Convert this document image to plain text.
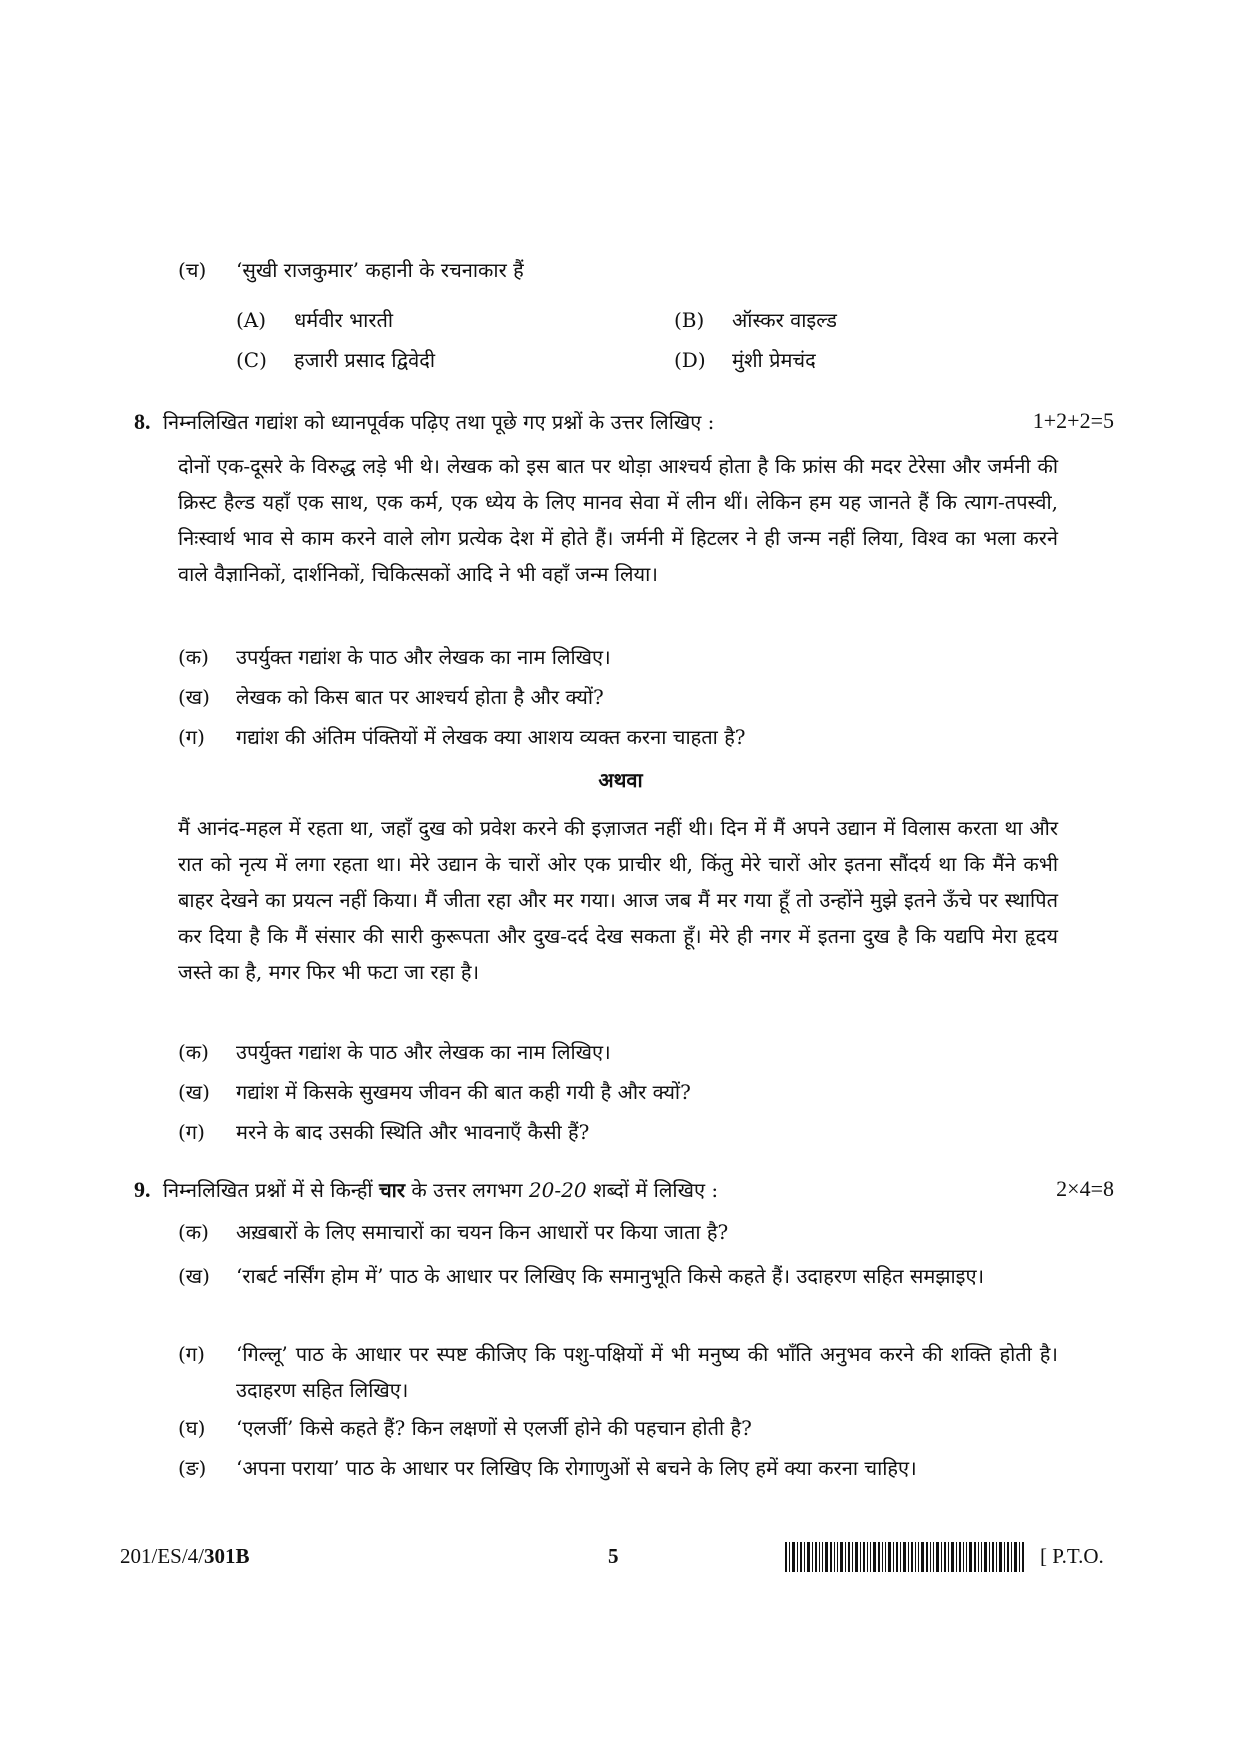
(च) ‘सुखी राजकुमार’ कहानी के रचनाकार हैं
(A) धर्मवीर भारती	(B) ऑस्कर वाइल्ड
(C) हजारी प्रसाद द्विवेदी	(D) मुंशी प्रेमचंद
8. निम्नलिखित गद्यांश को ध्यानपूर्वक पढ़िए तथा पूछे गए प्रश्नों के उत्तर लिखिए :	1+2+2=5
दोनों एक-दूसरे के विरुद्ध लड़े भी थे। लेखक को इस बात पर थोड़ा आश्चर्य होता है कि फ्रांस की मदर टेरेसा और जर्मनी की क्रिस्ट हैल्ड यहाँ एक साथ, एक कर्म, एक ध्येय के लिए मानव सेवा में लीन थीं। लेकिन हम यह जानते हैं कि त्याग-तपस्वी, निःस्वार्थ भाव से काम करने वाले लोग प्रत्येक देश में होते हैं। जर्मनी में हिटलर ने ही जन्म नहीं लिया, विश्व का भला करने वाले वैज्ञानिकों, दार्शनिकों, चिकित्सकों आदि ने भी वहाँ जन्म लिया।
(क) उपर्युक्त गद्यांश के पाठ और लेखक का नाम लिखिए।
(ख) लेखक को किस बात पर आश्चर्य होता है और क्यों?
(ग) गद्यांश की अंतिम पंक्तियों में लेखक क्या आशय व्यक्त करना चाहता है?
अथवा
मैं आनंद-महल में रहता था, जहाँ दुख को प्रवेश करने की इज़ाजत नहीं थी। दिन में मैं अपने उद्यान में विलास करता था और रात को नृत्य में लगा रहता था। मेरे उद्यान के चारों ओर एक प्राचीर थी, किंतु मेरे चारों ओर इतना सौंदर्य था कि मैंने कभी बाहर देखने का प्रयत्न नहीं किया। मैं जीता रहा और मर गया। आज जब मैं मर गया हूँ तो उन्होंने मुझे इतने ऊँचे पर स्थापित कर दिया है कि मैं संसार की सारी कुरूपता और दुख-दर्द देख सकता हूँ। मेरे ही नगर में इतना दुख है कि यद्यपि मेरा हृदय जस्ते का है, मगर फिर भी फटा जा रहा है।
(क) उपर्युक्त गद्यांश के पाठ और लेखक का नाम लिखिए।
(ख) गद्यांश में किसके सुखमय जीवन की बात कही गयी है और क्यों?
(ग) मरने के बाद उसकी स्थिति और भावनाएँ कैसी हैं?
9. निम्नलिखित प्रश्नों में से किन्हीं चार के उत्तर लगभग 20-20 शब्दों में लिखिए :	2×4=8
(क) अख़बारों के लिए समाचारों का चयन किन आधारों पर किया जाता है?
(ख)	‘राबर्ट नर्सिंग होम में’ पाठ के आधार पर लिखिए कि समानुभूति किसे कहते हैं। उदाहरण सहित समझाइए।
(ग)	‘गिल्लू’ पाठ के आधार पर स्पष्ट कीजिए कि पशु-पक्षियों में भी मनुष्य की भाँति अनुभव करने की शक्ति होती है। उदाहरण सहित लिखिए।
(घ) ‘एलर्जी’ किसे कहते हैं? किन लक्षणों से एलर्जी होने की पहचान होती है?
(ङ) ‘अपना पराया’ पाठ के आधार पर लिखिए कि रोगाणुओं से बचने के लिए हमें क्या करना चाहिए।
201/ES/4/301B	5	[ P.T.O.
